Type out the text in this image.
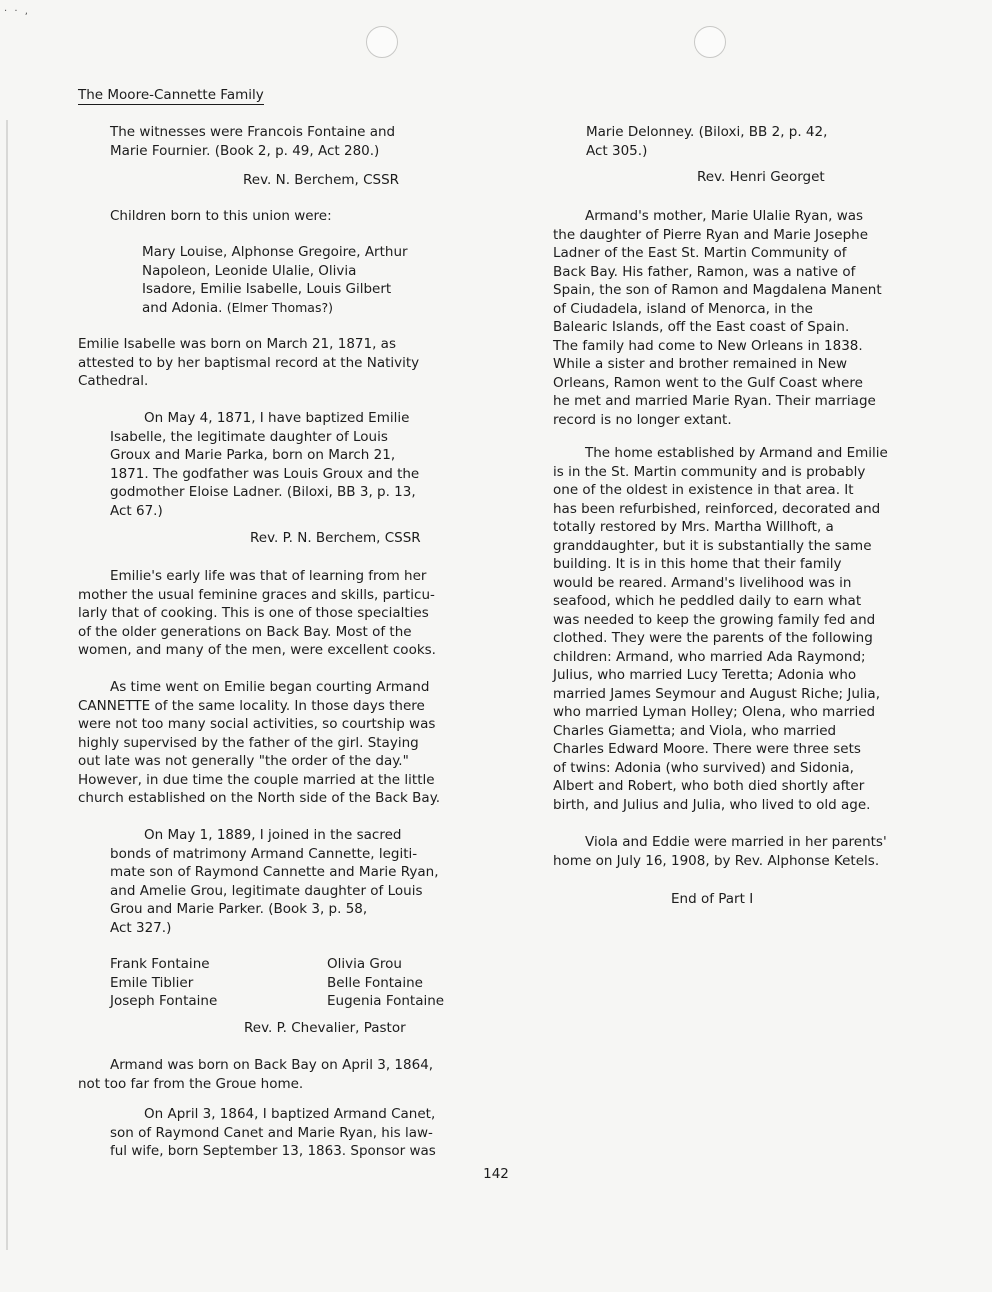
· · ,
The Moore-Cannette Family
The witnesses were Francois Fontaine and
Marie Fournier. (Book 2, p. 49, Act 280.)
Rev. N. Berchem, CSSR
Children born to this union were:
Mary Louise, Alphonse Gregoire, Arthur
Napoleon, Leonide Ulalie, Olivia
Isadore, Emilie Isabelle, Louis Gilbert
and Adonia. (Elmer Thomas?)
Emilie Isabelle was born on March 21, 1871, as
attested to by her baptismal record at the Nativity
Cathedral.
On May 4, 1871, I have baptized Emilie
Isabelle, the legitimate daughter of Louis
Groux and Marie Parka, born on March 21,
1871. The godfather was Louis Groux and the
godmother Eloise Ladner. (Biloxi, BB 3, p. 13,
Act 67.)
Rev. P. N. Berchem, CSSR
Emilie's early life was that of learning from her
mother the usual feminine graces and skills, particu-
larly that of cooking. This is one of those specialties
of the older generations on Back Bay. Most of the
women, and many of the men, were excellent cooks.
As time went on Emilie began courting Armand
CANNETTE of the same locality. In those days there
were not too many social activities, so courtship was
highly supervised by the father of the girl. Staying
out late was not generally "the order of the day."
However, in due time the couple married at the little
church established on the North side of the Back Bay.
On May 1, 1889, I joined in the sacred
bonds of matrimony Armand Cannette, legiti-
mate son of Raymond Cannette and Marie Ryan,
and Amelie Grou, legitimate daughter of Louis
Grou and Marie Parker. (Book 3, p. 58,
Act 327.)
Frank Fontaine
Emile Tiblier
Joseph Fontaine
Olivia Grou
Belle Fontaine
Eugenia Fontaine
Rev. P. Chevalier, Pastor
Armand was born on Back Bay on April 3, 1864,
not too far from the Groue home.
On April 3, 1864, I baptized Armand Canet,
son of Raymond Canet and Marie Ryan, his law-
ful wife, born September 13, 1863. Sponsor was
Marie Delonney. (Biloxi, BB 2, p. 42,
Act 305.)
Rev. Henri Georget
Armand's mother, Marie Ulalie Ryan, was
the daughter of Pierre Ryan and Marie Josephe
Ladner of the East St. Martin Community of
Back Bay. His father, Ramon, was a native of
Spain, the son of Ramon and Magdalena Manent
of Ciudadela, island of Menorca, in the
Balearic Islands, off the East coast of Spain.
The family had come to New Orleans in 1838.
While a sister and brother remained in New
Orleans, Ramon went to the Gulf Coast where
he met and married Marie Ryan. Their marriage
record is no longer extant.
The home established by Armand and Emilie
is in the St. Martin community and is probably
one of the oldest in existence in that area. It
has been refurbished, reinforced, decorated and
totally restored by Mrs. Martha Willhoft, a
granddaughter, but it is substantially the same
building. It is in this home that their family
would be reared. Armand's livelihood was in
seafood, which he peddled daily to earn what
was needed to keep the growing family fed and
clothed. They were the parents of the following
children: Armand, who married Ada Raymond;
Julius, who married Lucy Teretta; Adonia who
married James Seymour and August Riche; Julia,
who married Lyman Holley; Olena, who married
Charles Giametta; and Viola, who married
Charles Edward Moore. There were three sets
of twins: Adonia (who survived) and Sidonia,
Albert and Robert, who both died shortly after
birth, and Julius and Julia, who lived to old age.
Viola and Eddie were married in her parents'
home on July 16, 1908, by Rev. Alphonse Ketels.
End of Part I
142
